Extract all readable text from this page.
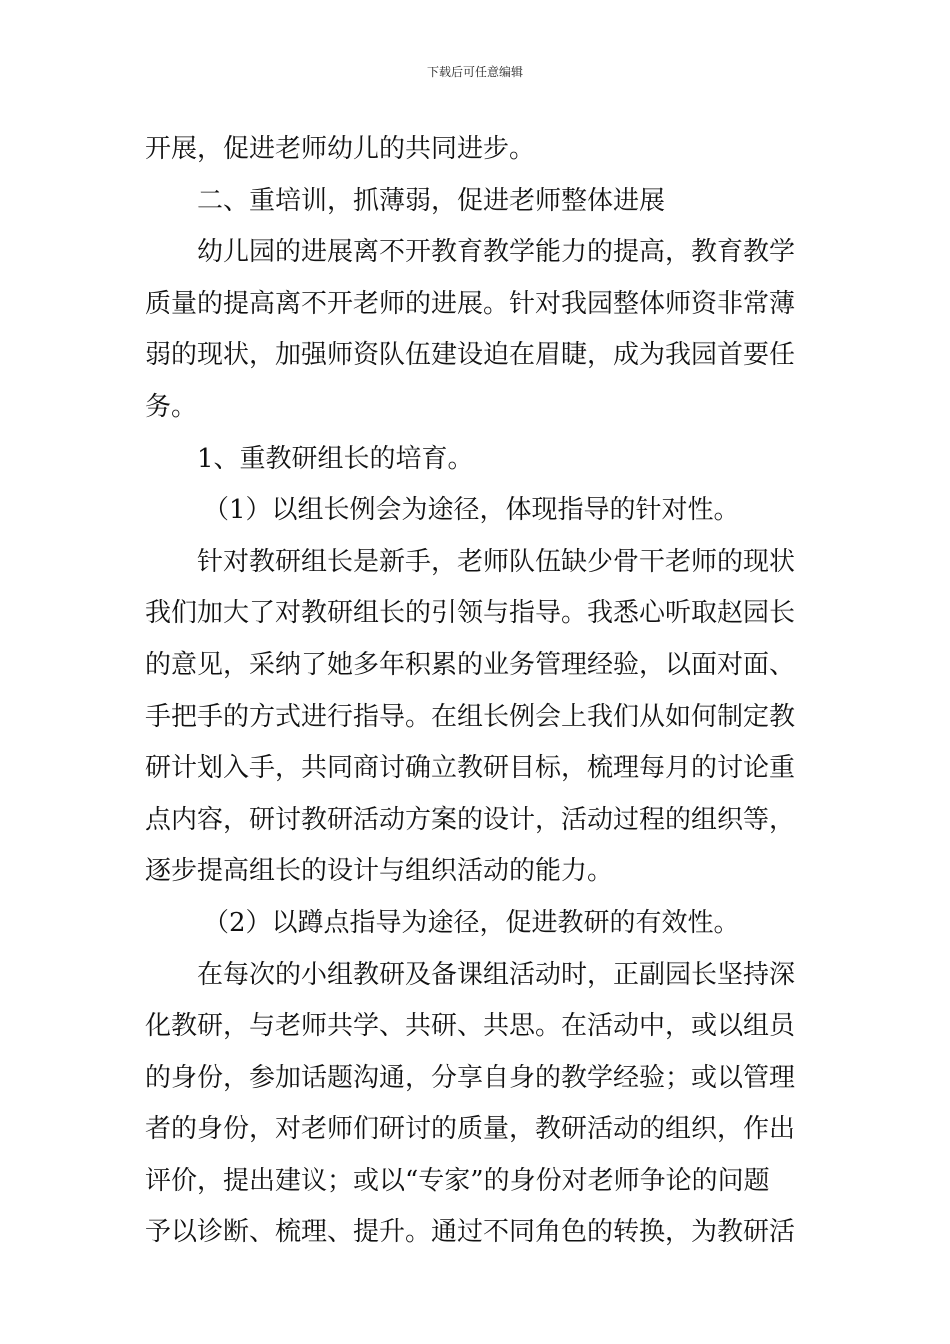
下载后可任意编辑

开展，促进老师幼儿的共同进步。

二、重培训，抓薄弱，促进老师整体进展

幼儿园的进展离不开教育教学能力的提高，教育教学

质量的提高离不开老师的进展。针对我园整体师资非常薄

弱的现状，加强师资队伍建设迫在眉睫，成为我园首要任

务。

1、重教研组长的培育。

（1）以组长例会为途径，体现指导的针对性。

针对教研组长是新手，老师队伍缺少骨干老师的现状

我们加大了对教研组长的引领与指导。我悉心听取赵园长

的意见，采纳了她多年积累的业务管理经验，以面对面、

手把手的方式进行指导。在组长例会上我们从如何制定教

研计划入手，共同商讨确立教研目标，梳理每月的讨论重

点内容，研讨教研活动方案的设计，活动过程的组织等，

逐步提高组长的设计与组织活动的能力。

（2）以蹲点指导为途径，促进教研的有效性。

在每次的小组教研及备课组活动时，正副园长坚持深

化教研，与老师共学、共研、共思。在活动中，或以组员

的身份，参加话题沟通，分享自身的教学经验；或以管理

者的身份，对老师们研讨的质量，教研活动的组织，作出

评价，提出建议；或以“专家”的身份对老师争论的问题

予以诊断、梳理、提升。通过不同角色的转换，为教研活
